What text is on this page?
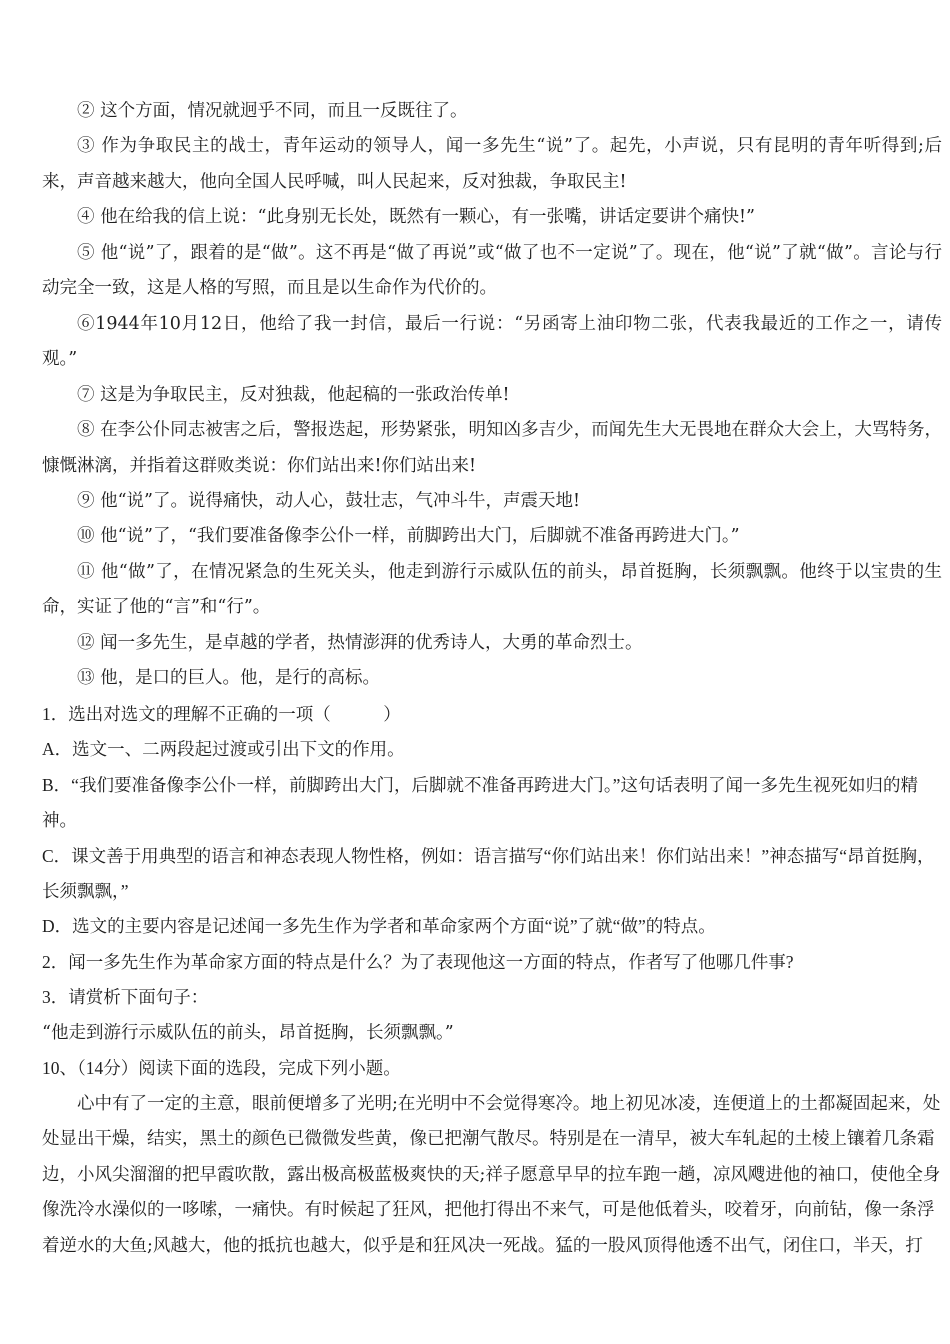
② 这个方面，情况就迥乎不同，而且一反既往了。

③ 作为争取民主的战士，青年运动的领导人，闻一多先生“说”了。起先，小声说，只有昆明的青年听得到;后来，声音越来越大，他向全国人民呼喊，叫人民起来，反对独裁，争取民主!

④ 他在给我的信上说：“此身别无长处，既然有一颗心，有一张嘴，讲话定要讲个痛快!”

⑤ 他“说”了，跟着的是“做”。这不再是“做了再说”或“做了也不一定说”了。现在，他“说”了就“做”。言论与行动完全一致，这是人格的写照，而且是以生命作为代价的。

⑥1944年10月12日，他给了我一封信，最后一行说：“另函寄上油印物二张，代表我最近的工作之一，请传观。”

⑦ 这是为争取民主，反对独裁，他起稿的一张政治传单!

⑧ 在李公仆同志被害之后，警报迭起，形势紧张，明知凶多吉少，而闻先生大无畏地在群众大会上，大骂特务，慷慨淋漓，并指着这群败类说：你们站出来!你们站出来!

⑨ 他“说”了。说得痛快，动人心，鼓壮志，气冲斗牛，声震天地!

⑩ 他“说”了，“我们要准备像李公仆一样，前脚跨出大门，后脚就不准备再跨进大门。”

⑪ 他“做”了，在情况紧急的生死关头，他走到游行示威队伍的前头，昂首挺胸，长须飘飘。他终于以宝贵的生命，实证了他的“言”和“行”。

⑫ 闻一多先生，是卓越的学者，热情澎湃的优秀诗人，大勇的革命烈士。

⑬ 他，是口的巨人。他，是行的高标。

1．选出对选文的理解不正确的一项（　　　）

A．选文一、二两段起过渡或引出下文的作用。

B．“我们要准备像李公仆一样，前脚跨出大门，后脚就不准备再跨进大门。”这句话表明了闻一多先生视死如归的精神。

C．课文善于用典型的语言和神态表现人物性格，例如：语言描写“你们站出来！你们站出来！”神态描写“昂首挺胸，长须飘飘，”

D．选文的主要内容是记述闻一多先生作为学者和革命家两个方面“说”了就“做”的特点。

2．闻一多先生作为革命家方面的特点是什么？为了表现他这一方面的特点，作者写了他哪几件事?

3．请赏析下面句子：

“他走到游行示威队伍的前头，昂首挺胸，长须飘飘。”

10、（14分）阅读下面的选段，完成下列小题。

心中有了一定的主意，眼前便增多了光明;在光明中不会觉得寒冷。地上初见冰凌，连便道上的土都凝固起来，处处显出干燥，结实，黑土的颜色已微微发些黄，像已把潮气散尽。特别是在一清早，被大车轧起的土棱上镶着几条霜边，小风尖溜溜的把早霞吹散，露出极高极蓝极爽快的天;祥子愿意早早的拉车跑一趟，凉风飕进他的袖口，使他全身像洗冷水澡似的一哆嗦，一痛快。有时候起了狂风，把他打得出不来气，可是他低着头，咬着牙，向前钻，像一条浮着逆水的大鱼;风越大，他的抵抗也越大，似乎是和狂风决一死战。猛的一股风顶得他透不出气，闭住口，半天，打
